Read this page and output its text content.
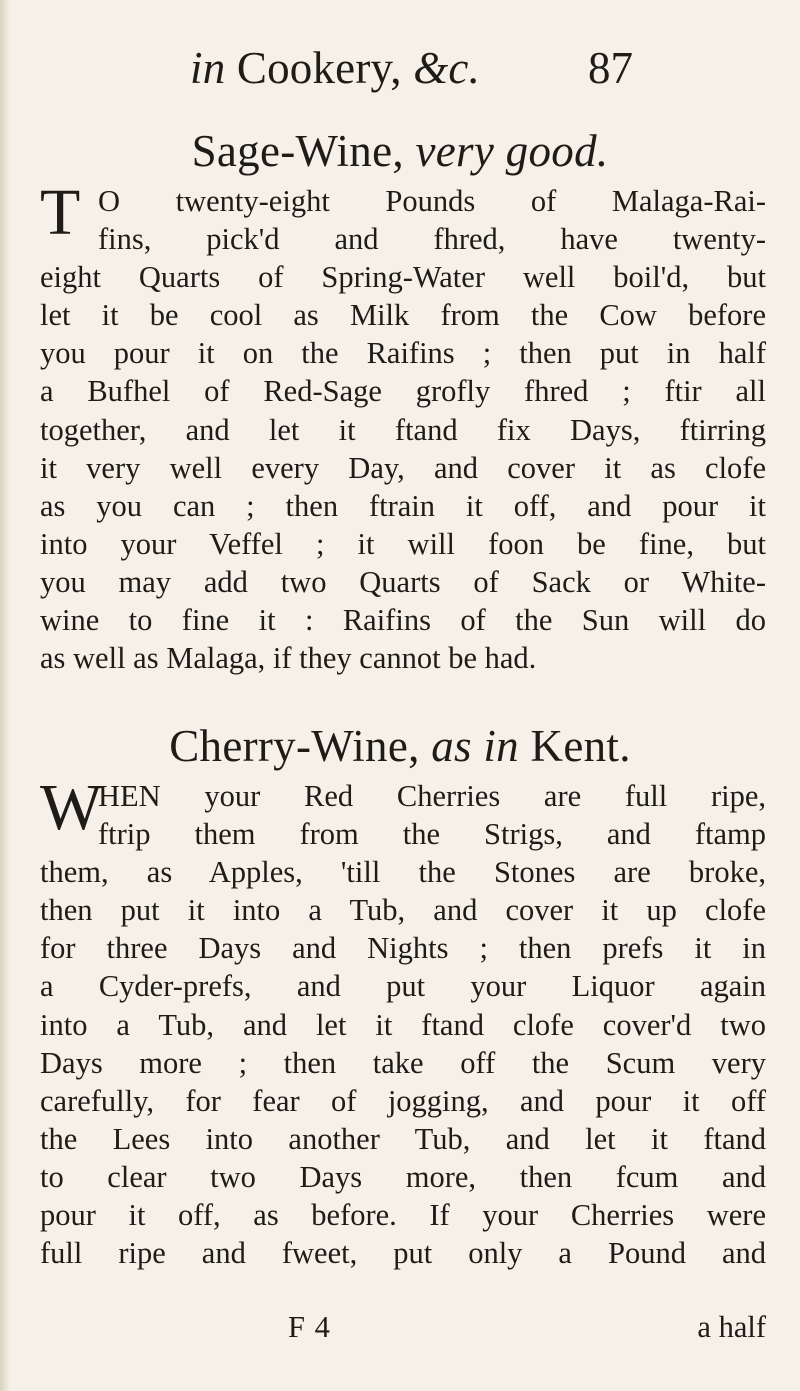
in Cookery, &c. 87
Sage-Wine, very good.
T O twenty-eight Pounds of Malaga-Rai-
fins, pick'd and fhred, have twenty-
eight Quarts of Spring-Water well boil'd, but
let it be cool as Milk from the Cow before
you pour it on the Raifins ; then put in half
a Bufhel of Red-Sage grofly fhred ; ftir all
together, and let it ftand fix Days, ftirring
it very well every Day, and cover it as clofe
as you can ; then ftrain it off, and pour it
into your Veffel ; it will foon be fine, but
you may add two Quarts of Sack or White-
wine to fine it : Raifins of the Sun will do
as well as Malaga, if they cannot be had.
Cherry-Wine, as in Kent.
W
HEN your Red Cherries are full ripe,
ftrip them from the Strigs, and ftamp
them, as Apples, 'till the Stones are broke,
then put it into a Tub, and cover it up clofe
for three Days and Nights ; then prefs it in
a Cyder-prefs, and put your Liquor again
into a Tub, and let it ftand clofe cover'd two
Days more ; then take off the Scum very
carefully, for fear of jogging, and pour it off
the Lees into another Tub, and let it ftand
to clear two Days more, then fcum and
pour it off, as before. If your Cherries were
full ripe and fweet, put only a Pound and
F 4	a half
